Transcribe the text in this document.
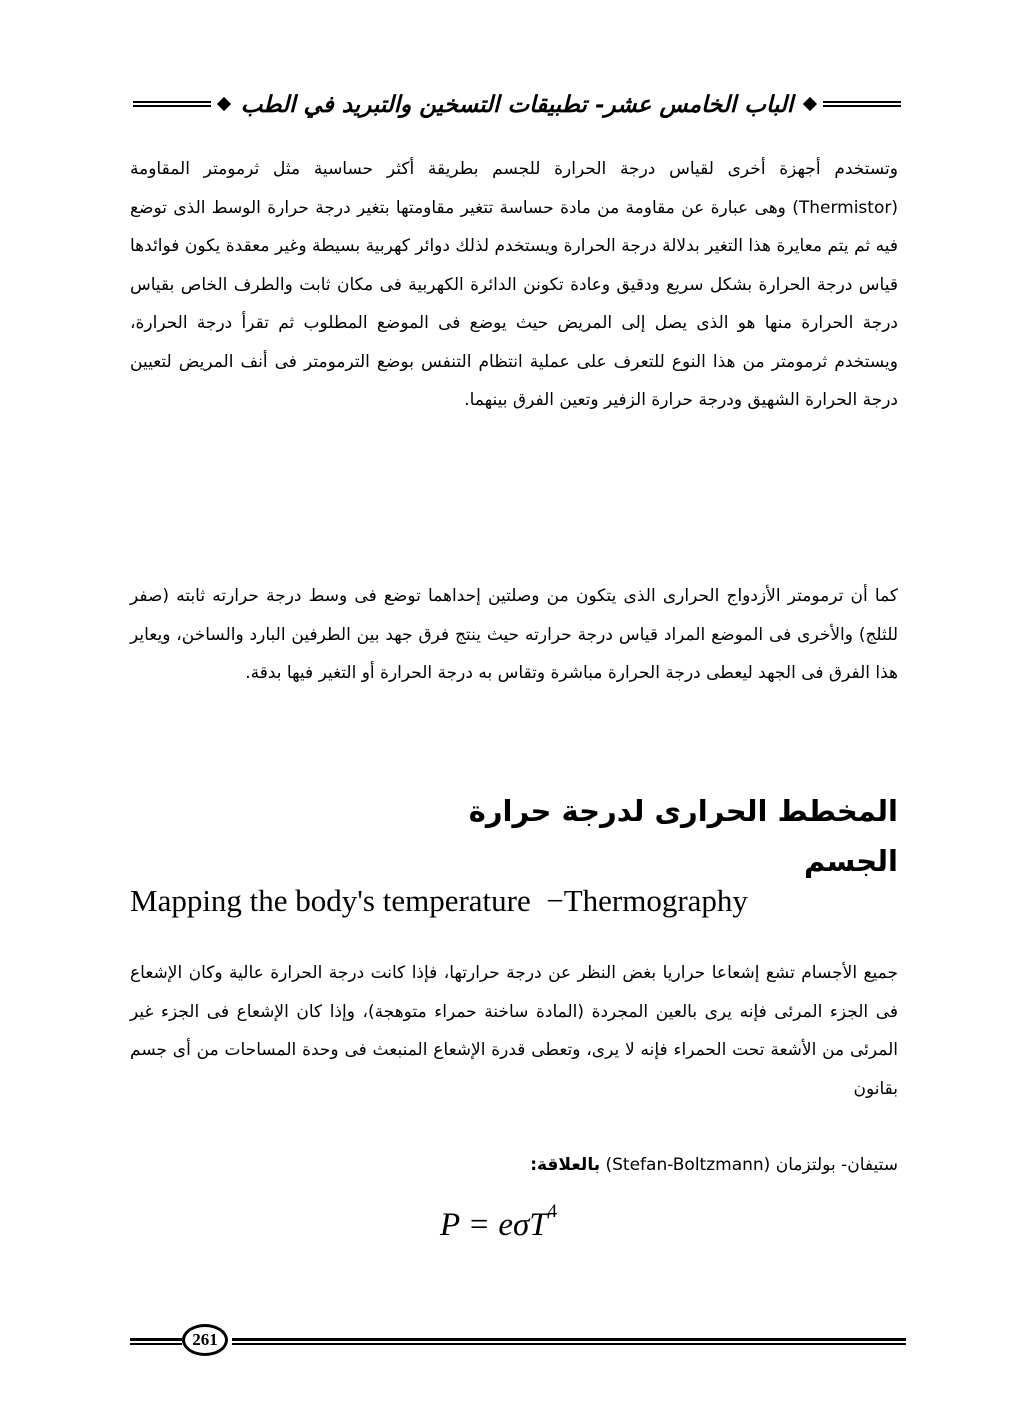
الباب الخامس عشر- تطبيقات التسخين والتبريد في الطب

وتستخدم أجهزة أخرى لقياس درجة الحرارة للجسم بطريقة أكثر حساسية مثل ثرمومتر المقاومة (Thermistor) وهى عبارة عن مقاومة من مادة حساسة تتغير مقاومتها بتغير درجة حرارة الوسط الذى توضع فيه ثم يتم معايرة هذا التغير بدلالة درجة الحرارة ويستخدم لذلك دوائر كهربية بسيطة وغير معقدة يكون فوائدها قياس درجة الحرارة بشكل سريع ودقيق وعادة تكونن الدائرة الكهربية فى مكان ثابت والطرف الخاص بقياس درجة الحرارة منها هو الذى يصل إلى المريض حيث يوضع فى الموضع المطلوب ثم تقرأ درجة الحرارة، ويستخدم ثرمومتر من هذا النوع للتعرف على عملية انتظام التنفس بوضع الترمومتر فى أنف المريض لتعيين درجة الحرارة الشهيق ودرجة حرارة الزفير وتعين الفرق بينهما.

كما أن ترمومتر الأزدواج الحرارى الذى يتكون من وصلتين إحداهما توضع فى وسط درجة حرارته ثابته (صفر للثلج) والأخرى فى الموضع المراد قياس درجة حرارته حيث ينتج فرق جهد بين الطرفين البارد والساخن، ويعاير هذا الفرق فى الجهد ليعطى درجة الحرارة مباشرة وتقاس به درجة الحرارة أو التغير فيها بدقة.

المخطط الحرارى لدرجة حرارة الجسم
Mapping the body's temperature  −Thermography

جميع الأجسام تشع إشعاعا حراريا بغض النظر عن درجة حرارتها، فإذا كانت درجة الحرارة عالية وكان الإشعاع فى الجزء المرئى فإنه يرى بالعين المجردة (المادة ساخنة حمراء متوهجة)، وإذا كان الإشعاع فى الجزء غير المرئى من الأشعة تحت الحمراء فإنه لا يرى، وتعطى قدرة الإشعاع المنبعث فى وحدة المساحات من أى جسم بقانون

ستيفان- بولتزمان (Stefan-Boltzmann) بالعلاقة:
P = eσT$^4$
261
